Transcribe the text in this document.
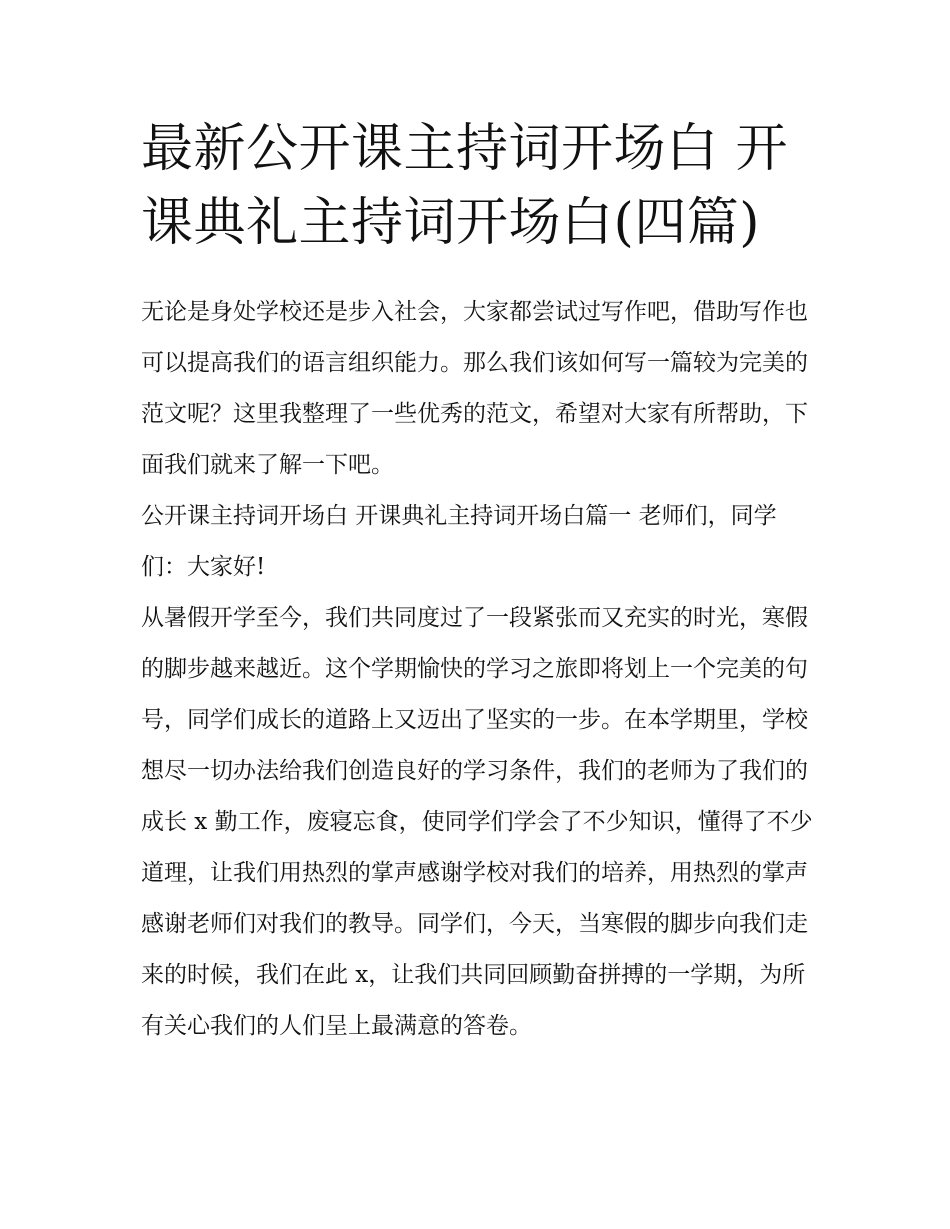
最新公开课主持词开场白 开课典礼主持词开场白(四篇)

无论是身处学校还是步入社会，大家都尝试过写作吧，借助写作也可以提高我们的语言组织能力。那么我们该如何写一篇较为完美的范文呢？这里我整理了一些优秀的范文，希望对大家有所帮助，下面我们就来了解一下吧。

公开课主持词开场白 开课典礼主持词开场白篇一 老师们，同学们：大家好!

从暑假开学至今，我们共同度过了一段紧张而又充实的时光，寒假的脚步越来越近。这个学期愉快的学习之旅即将划上一个完美的句号，同学们成长的道路上又迈出了坚实的一步。在本学期里，学校想尽一切办法给我们创造良好的学习条件，我们的老师为了我们的成长 x 勤工作，废寝忘食，使同学们学会了不少知识，懂得了不少道理，让我们用热烈的掌声感谢学校对我们的培养，用热烈的掌声感谢老师们对我们的教导。同学们，今天，当寒假的脚步向我们走来的时候，我们在此 x，让我们共同回顾勤奋拼搏的一学期，为所有关心我们的人们呈上最满意的答卷。
